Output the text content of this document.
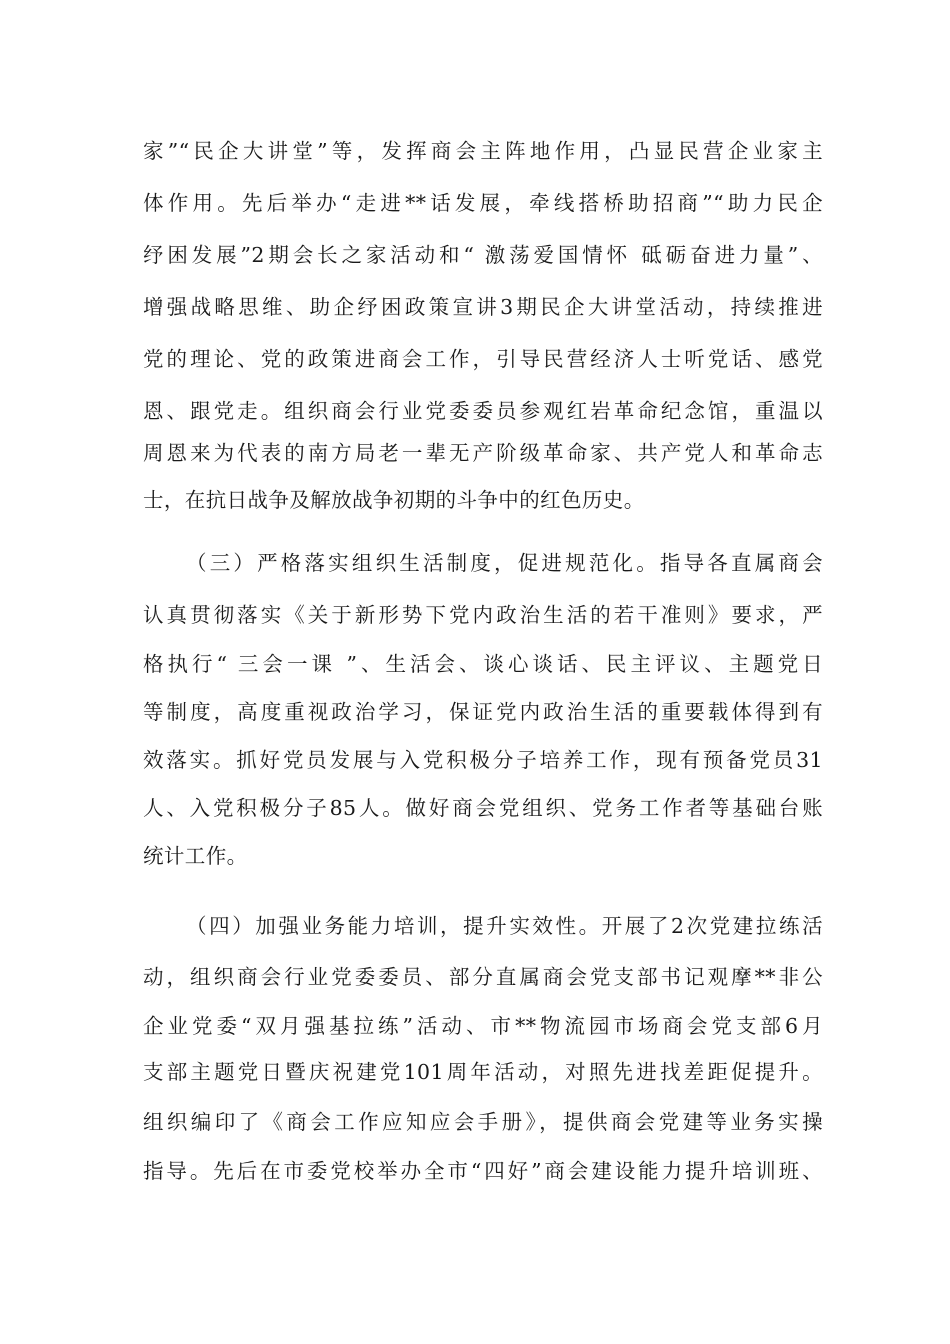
家”“民企大讲堂”等，发挥商会主阵地作用，凸显民营企业家主
体作用。先后举办“走进**话发展，牵线搭桥助招商”“助力民企
纾困发展”2期会长之家活动和“ 激荡爱国情怀 砥砺奋进力量”、
增强战略思维、助企纾困政策宣讲3期民企大讲堂活动，持续推进
党的理论、党的政策进商会工作，引导民营经济人士听党话、感党
恩、跟党走。组织商会行业党委委员参观红岩革命纪念馆，重温以
周恩来为代表的南方局老一辈无产阶级革命家、共产党人和革命志
士，在抗日战争及解放战争初期的斗争中的红色历史。
（三）严格落实组织生活制度，促进规范化。指导各直属商会
认真贯彻落实《关于新形势下党内政治生活的若干准则》要求，严
格执行“ 三会一课 ”、生活会、谈心谈话、民主评议、主题党日
等制度，高度重视政治学习，保证党内政治生活的重要载体得到有
效落实。抓好党员发展与入党积极分子培养工作，现有预备党员31
人、入党积极分子85人。做好商会党组织、党务工作者等基础台账
统计工作。
（四）加强业务能力培训，提升实效性。开展了2次党建拉练活
动，组织商会行业党委委员、部分直属商会党支部书记观摩**非公
企业党委“双月强基拉练”活动、市**物流园市场商会党支部6月
支部主题党日暨庆祝建党101周年活动，对照先进找差距促提升。
组织编印了《商会工作应知应会手册》，提供商会党建等业务实操
指导。先后在市委党校举办全市“四好”商会建设能力提升培训班、
